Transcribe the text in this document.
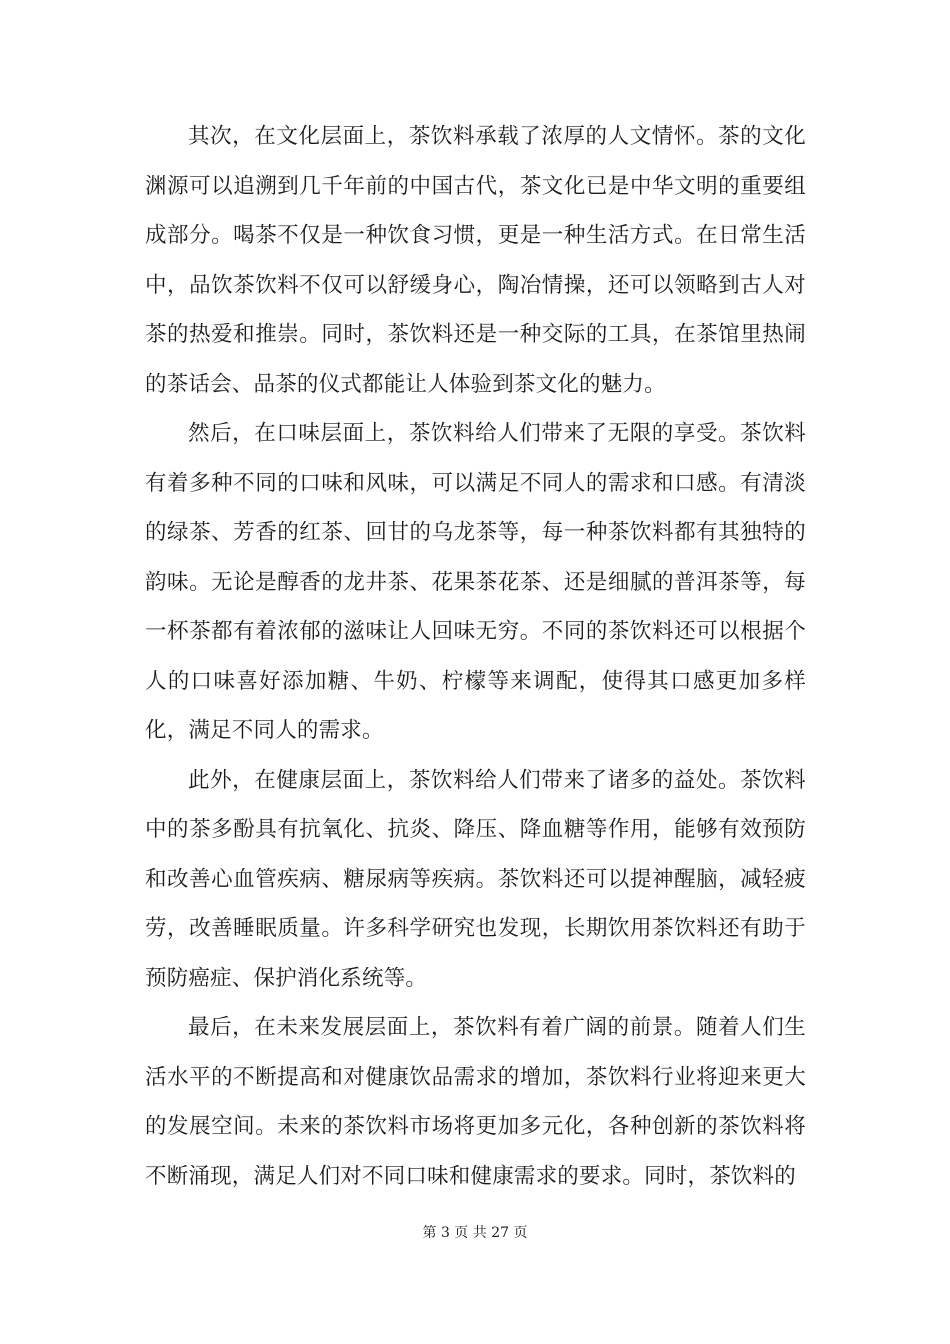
其次，在文化层面上，茶饮料承载了浓厚的人文情怀。茶的文化渊源可以追溯到几千年前的中国古代，茶文化已是中华文明的重要组成部分。喝茶不仅是一种饮食习惯，更是一种生活方式。在日常生活中，品饮茶饮料不仅可以舒缓身心，陶冶情操，还可以领略到古人对茶的热爱和推崇。同时，茶饮料还是一种交际的工具，在茶馆里热闹的茶话会、品茶的仪式都能让人体验到茶文化的魅力。

然后，在口味层面上，茶饮料给人们带来了无限的享受。茶饮料有着多种不同的口味和风味，可以满足不同人的需求和口感。有清淡的绿茶、芳香的红茶、回甘的乌龙茶等，每一种茶饮料都有其独特的韵味。无论是醇香的龙井茶、花果茶花茶、还是细腻的普洱茶等，每一杯茶都有着浓郁的滋味让人回味无穷。不同的茶饮料还可以根据个人的口味喜好添加糖、牛奶、柠檬等来调配，使得其口感更加多样化，满足不同人的需求。

此外，在健康层面上，茶饮料给人们带来了诸多的益处。茶饮料中的茶多酚具有抗氧化、抗炎、降压、降血糖等作用，能够有效预防和改善心血管疾病、糖尿病等疾病。茶饮料还可以提神醒脑，减轻疲劳，改善睡眠质量。许多科学研究也发现，长期饮用茶饮料还有助于预防癌症、保护消化系统等。

最后，在未来发展层面上，茶饮料有着广阔的前景。随着人们生活水平的不断提高和对健康饮品需求的增加，茶饮料行业将迎来更大的发展空间。未来的茶饮料市场将更加多元化，各种创新的茶饮料将不断涌现，满足人们对不同口味和健康需求的要求。同时，茶饮料的

第 3 页 共 27 页
